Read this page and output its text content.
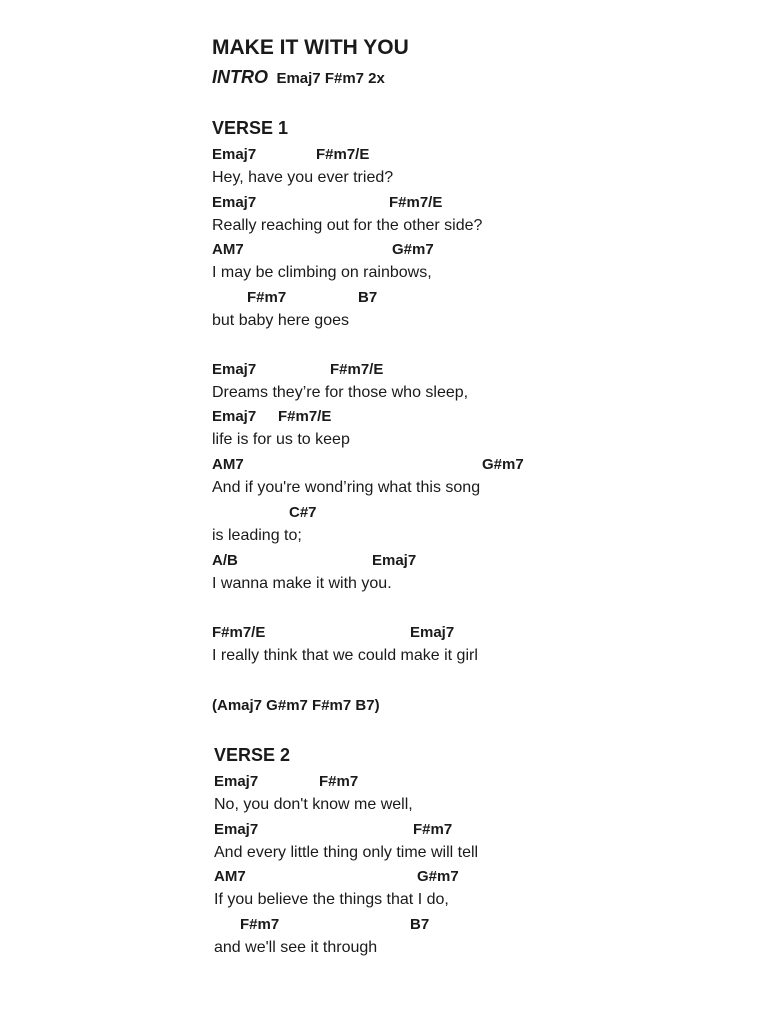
MAKE IT WITH YOU
INTRO Emaj7 F#m7 2x
VERSE 1
Emaj7	F#m7/E
Hey, have you ever tried?
Emaj7	F#m7/E
Really reaching out for the other side?
AM7	G#m7
I may be climbing on rainbows,
F#m7	B7
but baby here goes
Emaj7	F#m7/E
Dreams they’re for those who sleep,
Emaj7 F#m7/E
life is for us to keep
AM7	G#m7
And if you're wond’ring what this song
C#7
is leading to;
A/B	Emaj7
I wanna make it with you.
F#m7/E	Emaj7
I really think that we could make it girl
(Amaj7 G#m7 F#m7 B7)
VERSE 2
Emaj7	F#m7
No, you don't know me well,
Emaj7	F#m7
And every little thing only time will tell
AM7	G#m7
If you believe the things that I do,
F#m7	B7
and we'll see it through
